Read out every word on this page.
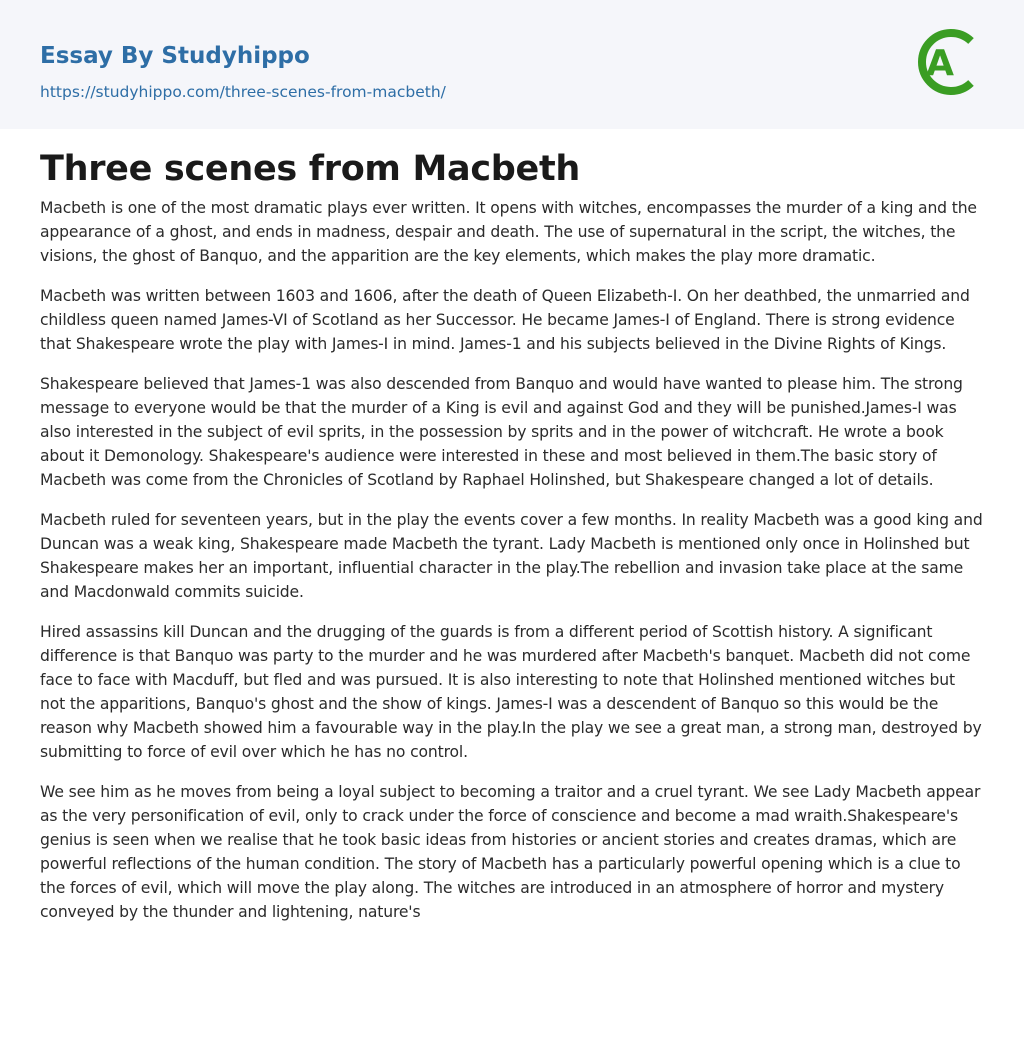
Essay By Studyhippo
https://studyhippo.com/three-scenes-from-macbeth/
A
Three scenes from Macbeth

Macbeth is one of the most dramatic plays ever written. It opens with witches, encompasses the murder of a king and the appearance of a ghost, and ends in madness, despair and death. The use of supernatural in the script, the witches, the visions, the ghost of Banquo, and the apparition are the key elements, which makes the play more dramatic.

Macbeth was written between 1603 and 1606, after the death of Queen Elizabeth-I. On her deathbed, the unmarried and childless queen named James-VI of Scotland as her Successor. He became James-I of England. There is strong evidence that Shakespeare wrote the play with James-I in mind. James-1 and his subjects believed in the Divine Rights of Kings.

Shakespeare believed that James-1 was also descended from Banquo and would have wanted to please him. The strong message to everyone would be that the murder of a King is evil and against God and they will be punished.James-I was also interested in the subject of evil sprits, in the possession by sprits and in the power of witchcraft. He wrote a book about it Demonology. Shakespeare's audience were interested in these and most believed in them.The basic story of Macbeth was come from the Chronicles of Scotland by Raphael Holinshed, but Shakespeare changed a lot of details.

Macbeth ruled for seventeen years, but in the play the events cover a few months. In reality Macbeth was a good king and Duncan was a weak king, Shakespeare made Macbeth the tyrant. Lady Macbeth is mentioned only once in Holinshed but Shakespeare makes her an important, influential character in the play.The rebellion and invasion take place at the same and Macdonwald commits suicide.

Hired assassins kill Duncan and the drugging of the guards is from a different period of Scottish history. A significant difference is that Banquo was party to the murder and he was murdered after Macbeth's banquet. Macbeth did not come face to face with Macduff, but fled and was pursued. It is also interesting to note that Holinshed mentioned witches but not the apparitions, Banquo's ghost and the show of kings. James-I was a descendent of Banquo so this would be the reason why Macbeth showed him a favourable way in the play.In the play we see a great man, a strong man, destroyed by submitting to force of evil over which he has no control.

We see him as he moves from being a loyal subject to becoming a traitor and a cruel tyrant. We see Lady Macbeth appear as the very personification of evil, only to crack under the force of conscience and become a mad wraith.Shakespeare's genius is seen when we realise that he took basic ideas from histories or ancient stories and creates dramas, which are powerful reflections of the human condition. The story of Macbeth has a particularly powerful opening which is a clue to the forces of evil, which will move the play along. The witches are introduced in an atmosphere of horror and mystery conveyed by the thunder and lightening, nature's
